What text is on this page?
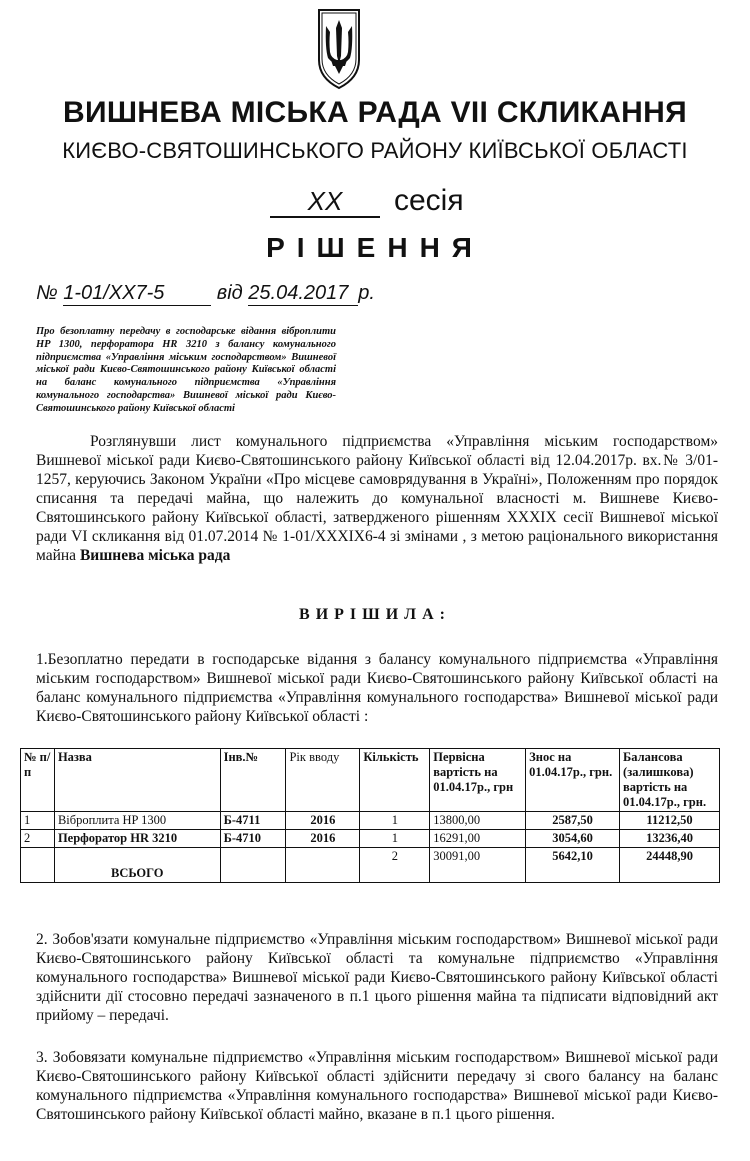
ВИШНЕВА МІСЬКА РАДА VII СКЛИКАННЯ
КИЄВО-СВЯТОШИНСЬКОГО РАЙОНУ КИЇВСЬКОЇ ОБЛАСТІ
XX сесія
РІШЕННЯ
№ 1-01/XX7-5	від 25.04.2017 р.
Про безоплатну передачу в господарське відання віброплити HP 1300, перфоратора HR 3210 з балансу комунального підприємства «Управління міським господарством» Вишневої міської ради Києво-Святошинського району Київської області на баланс комунального підприємства «Управління комунального господарства» Вишневої міської ради Києво-Святошинського району Київської області
Розглянувши лист комунального підприємства «Управління міським господарством» Вишневої міської ради Києво-Святошинського району Київської області від 12.04.2017р. вх.№ 3/01-1257, керуючись Законом України «Про місцеве самоврядування в Україні», Положенням про порядок списання та передачі майна, що належить до комунальної власності м. Вишневе Києво-Святошинського району Київської області, затвердженого рішенням XXXIX сесії Вишневої міської ради VI скликання від 01.07.2014 № 1-01/XXXIX6-4 зі змінами , з метою раціонального використання майна Вишнева міська рада
ВИРІШИЛА:
1.Безоплатно передати в господарське відання з балансу комунального підприємства «Управління міським господарством» Вишневої міської ради Києво-Святошинського району Київської області на баланс комунального підприємства «Управління комунального господарства» Вишневої міської ради Києво-Святошинського району Київської області :
№ п/п	Назва	Інв.№	Рік вводу	Кількість	Первісна вартість на 01.04.17р., грн	Знос на 01.04.17р., грн.	Балансова (залишкова) вартість на 01.04.17р., грн.
1	Віброплита HP 1300	Б-4711	2016	1	13800,00	2587,50	11212,50
2	Перфоратор HR 3210	Б-4710	2016	1	16291,00	3054,60	13236,40
	ВСЬОГО			2	30091,00	5642,10	24448,90
2. Зобов'язати комунальне підприємство «Управління міським господарством» Вишневої міської ради Києво-Святошинського району Київської області та комунальне підприємство «Управління комунального господарства» Вишневої міської ради Києво-Святошинського району Київської області здійснити дії стосовно передачі зазначеного в п.1 цього рішення майна та підписати відповідний акт прийому – передачі.
3. Зобовязати комунальне підприємство «Управління міським господарством» Вишневої міської ради Києво-Святошинського району Київської області здійснити передачу зі свого балансу на баланс комунального підприємства «Управління комунального господарства» Вишневої міської ради Києво-Святошинського району Київської області майно, вказане в п.1 цього рішення.
